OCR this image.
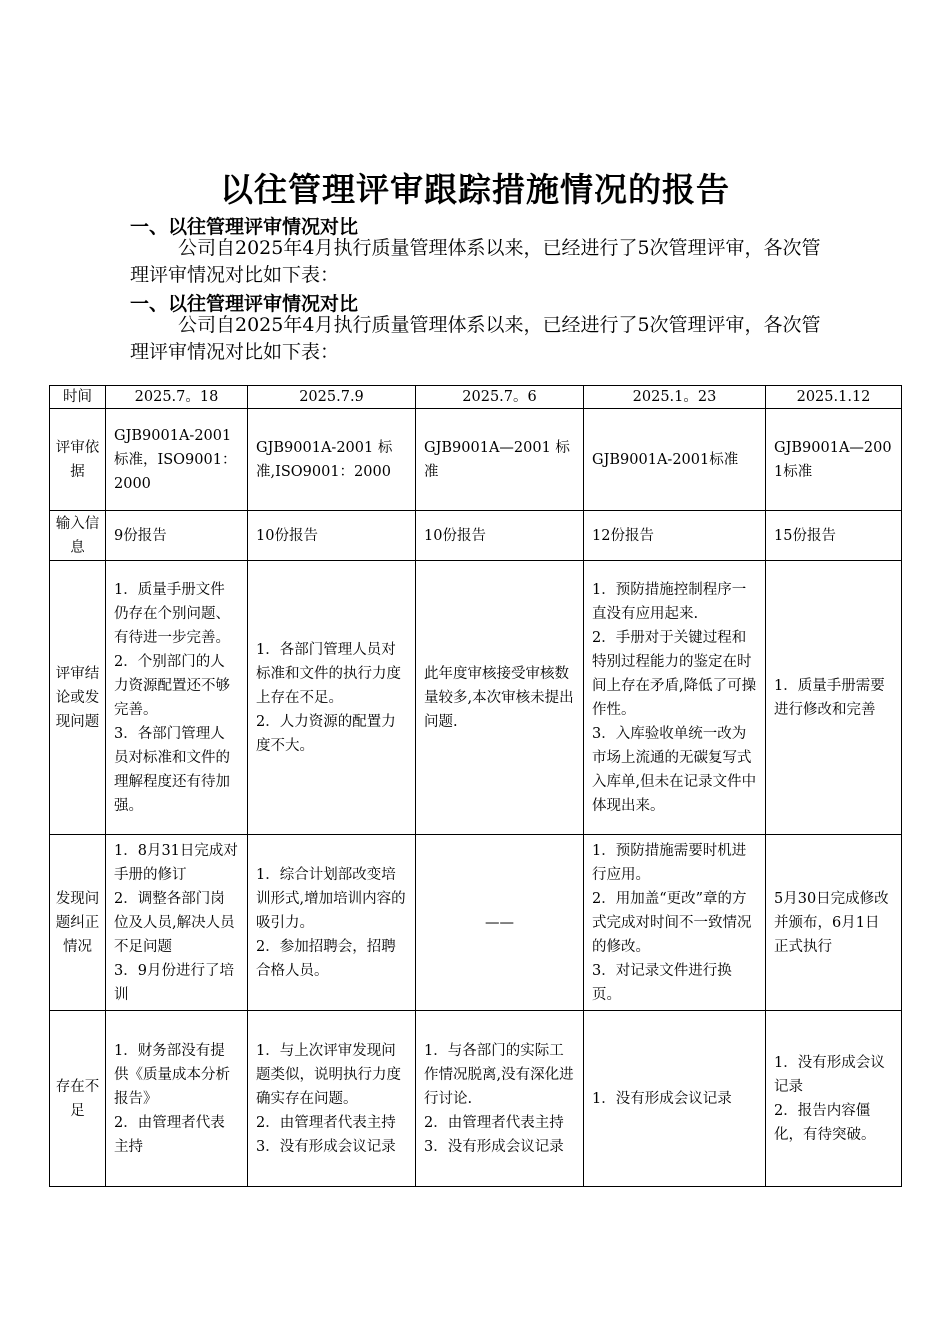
以往管理评审跟踪措施情况的报告
一、以往管理评审情况对比
公司自2025年4月执行质量管理体系以来，已经进行了5次管理评审，各次管理评审情况对比如下表：
一、以往管理评审情况对比
公司自2025年4月执行质量管理体系以来，已经进行了5次管理评审，各次管理评审情况对比如下表：
时间	2025.7。18	2025.7.9	2025.7。6	2025.1。23	2025.1.12
评审依据	GJB9001A-2001标准，ISO9001：2000	GJB9001A-2001 标准,ISO9001：2000	GJB9001A—2001 标准	GJB9001A-2001标准	GJB9001A—2001标准
输入信息	9份报告	10份报告	10份报告	12份报告	15份报告
评审结论或发现问题	1．质量手册文件仍存在个别问题、有待进一步完善。
2．个别部门的人力资源配置还不够完善。
3．各部门管理人员对标准和文件的理解程度还有待加强。	1．各部门管理人员对标准和文件的执行力度上存在不足。
2．人力资源的配置力度不大。	此年度审核接受审核数量较多,本次审核未提出问题.	1．预防措施控制程序一直没有应用起来.
2．手册对于关键过程和特别过程能力的鉴定在时间上存在矛盾,降低了可操作性。
3．入库验收单统一改为市场上流通的无碳复写式入库单,但未在记录文件中体现出来。	1．质量手册需要进行修改和完善
发现问题纠正情况	1．8月31日完成对手册的修订
2．调整各部门岗位及人员,解决人员不足问题
3．9月份进行了培训	1．综合计划部改变培训形式,增加培训内容的吸引力。
2．参加招聘会，招聘合格人员。	——	1．预防措施需要时机进行应用。
2．用加盖“更改”章的方式完成对时间不一致情况的修改。
3．对记录文件进行换页。	5月30日完成修改并颁布，6月1日正式执行
存在不足	1．财务部没有提供《质量成本分析报告》
2．由管理者代表主持	1．与上次评审发现问题类似，说明执行力度确实存在问题。
2．由管理者代表主持
3．没有形成会议记录	1．与各部门的实际工作情况脱离,没有深化进行讨论.
2．由管理者代表主持
3．没有形成会议记录	1．没有形成会议记录	1．没有形成会议记录
2．报告内容僵化，有待突破。
